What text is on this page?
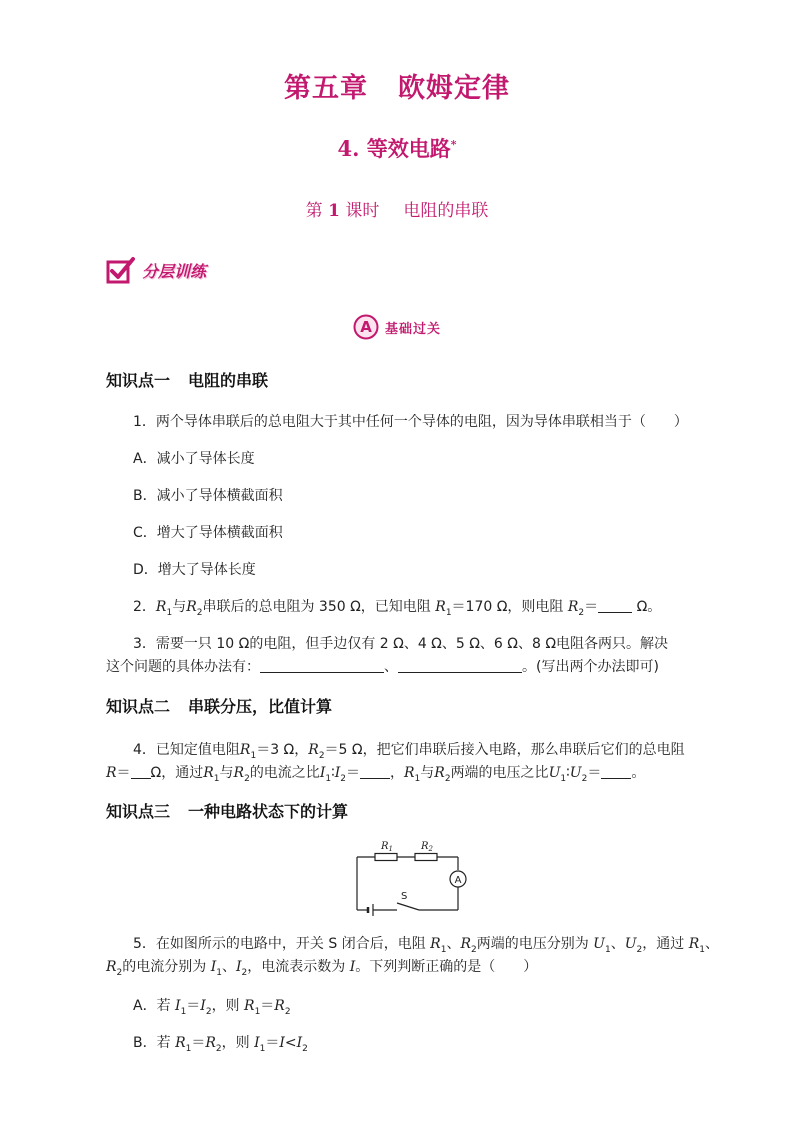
第五章 欧姆定律
4. 等效电路*
第 1 课时 电阻的串联
分层训练
A 基础过关
知识点一 电阻的串联
1．两个导体串联后的总电阻大于其中任何一个导体的电阻，因为导体串联相当于（　　）
A．减小了导体长度
B．减小了导体横截面积
C．增大了导体横截面积
D．增大了导体长度
2．$R_1$与$R_2$串联后的总电阻为 350 Ω，已知电阻 $R_1=170$ Ω，则电阻 $R_2=$	Ω。
3．需要一只 10 Ω的电阻，但手边仅有 2 Ω、4 Ω、5 Ω、6 Ω、8 Ω电阻各两只。解决
这个问题的具体办法有：	、	。(写出两个办法即可)
知识点二 串联分压，比值计算
4．已知定值电阻$R_1=3$ Ω，$R_2=5$ Ω，把它们串联后接入电路，那么串联后它们的总电阻
R＝ Ω，通过$R_1$与$R_2$的电流之比$I_1∶I_2=$ ，$R_1$与$R_2$两端的电压之比$U_1∶U_2=$ 。
知识点三 一种电路状态下的计算
$R_1$	$R_2$
A
S
5．在如图所示的电路中，开关 S 闭合后，电阻 $R_1$、$R_2$两端的电压分别为 $U_1$、$U_2$，通过 $R_1$、
$R_2$的电流分别为 $I_1$、$I_2$，电流表示数为 I。下列判断正确的是（　　）
A．若 $I_1=I_2$，则 $R_1=R_2$
B．若 $R_1=R_2$，则 $I_1=I<I_2$
